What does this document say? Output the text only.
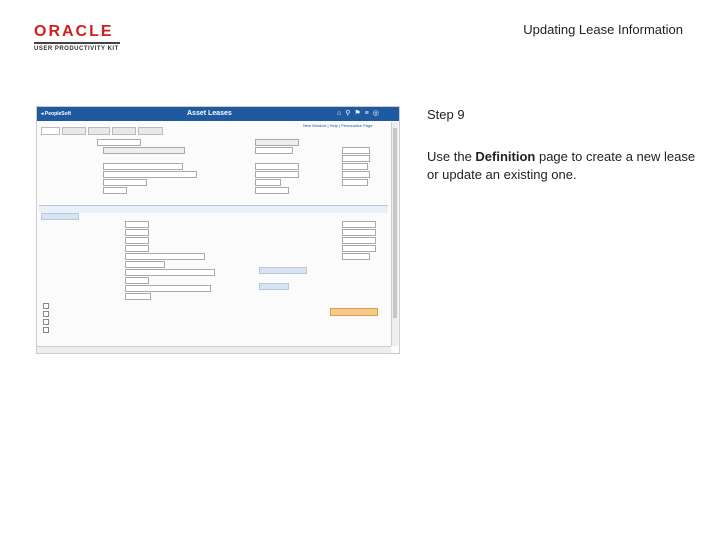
ORACLE
USER PRODUCTIVITY KIT
Updating Lease Information
◂ PeopleSoft	Asset Leases	⌂ ⚲ ⚑ ≡ ◎
New Window | Help | Personalize Page

Step 9
Use the Definition page to create a new lease or update an existing one.
